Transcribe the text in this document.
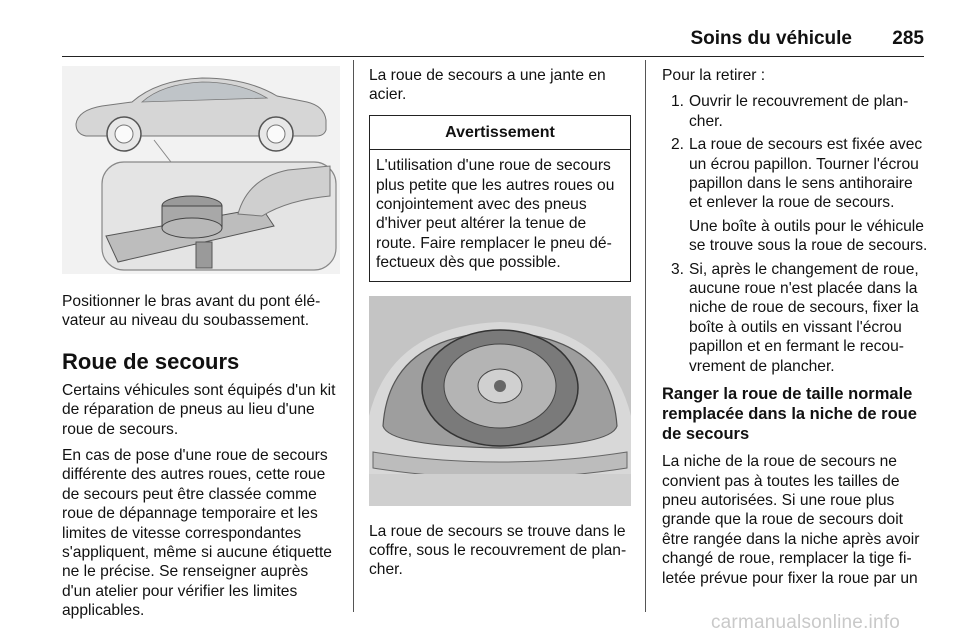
Soins du véhicule 285

Positionner le bras avant du pont élévateur au niveau du soubassement.

Roue de secours

Certains véhicules sont équipés d'un kit de réparation de pneus au lieu d'une roue de secours.

En cas de pose d'une roue de secours différente des autres roues, cette roue de secours peut être classée comme roue de dépannage temporaire et les limites de vitesse correspondantes s'appliquent, même si aucune étiquette ne le précise. Se renseigner auprès d'un atelier pour vérifier les limites applicables.

La roue de secours a une jante en acier.

Avertissement
L'utilisation d'une roue de secours plus petite que les autres roues ou conjointement avec des pneus d'hiver peut altérer la tenue de route. Faire remplacer le pneu défectueux dès que possible.

La roue de secours se trouve dans le coffre, sous le recouvrement de plancher.

Pour la retirer :

1. Ouvrir le recouvrement de plancher.
2. La roue de secours est fixée avec un écrou papillon. Tourner l'écrou papillon dans le sens antihoraire et enlever la roue de secours.
Une boîte à outils pour le véhicule se trouve sous la roue de secours.
3. Si, après le changement de roue, aucune roue n'est placée dans la niche de roue de secours, fixer la boîte à outils en vissant l'écrou papillon et en fermant le recouvrement de plancher.
Ranger la roue de taille normale remplacée dans la niche de roue de secours

La niche de la roue de secours ne convient pas à toutes les tailles de pneu autorisées. Si une roue plus grande que la roue de secours doit être rangée dans la niche après avoir changé de roue, remplacer la tige filetée prévue pour fixer la roue par un

carmanualsonline.info
